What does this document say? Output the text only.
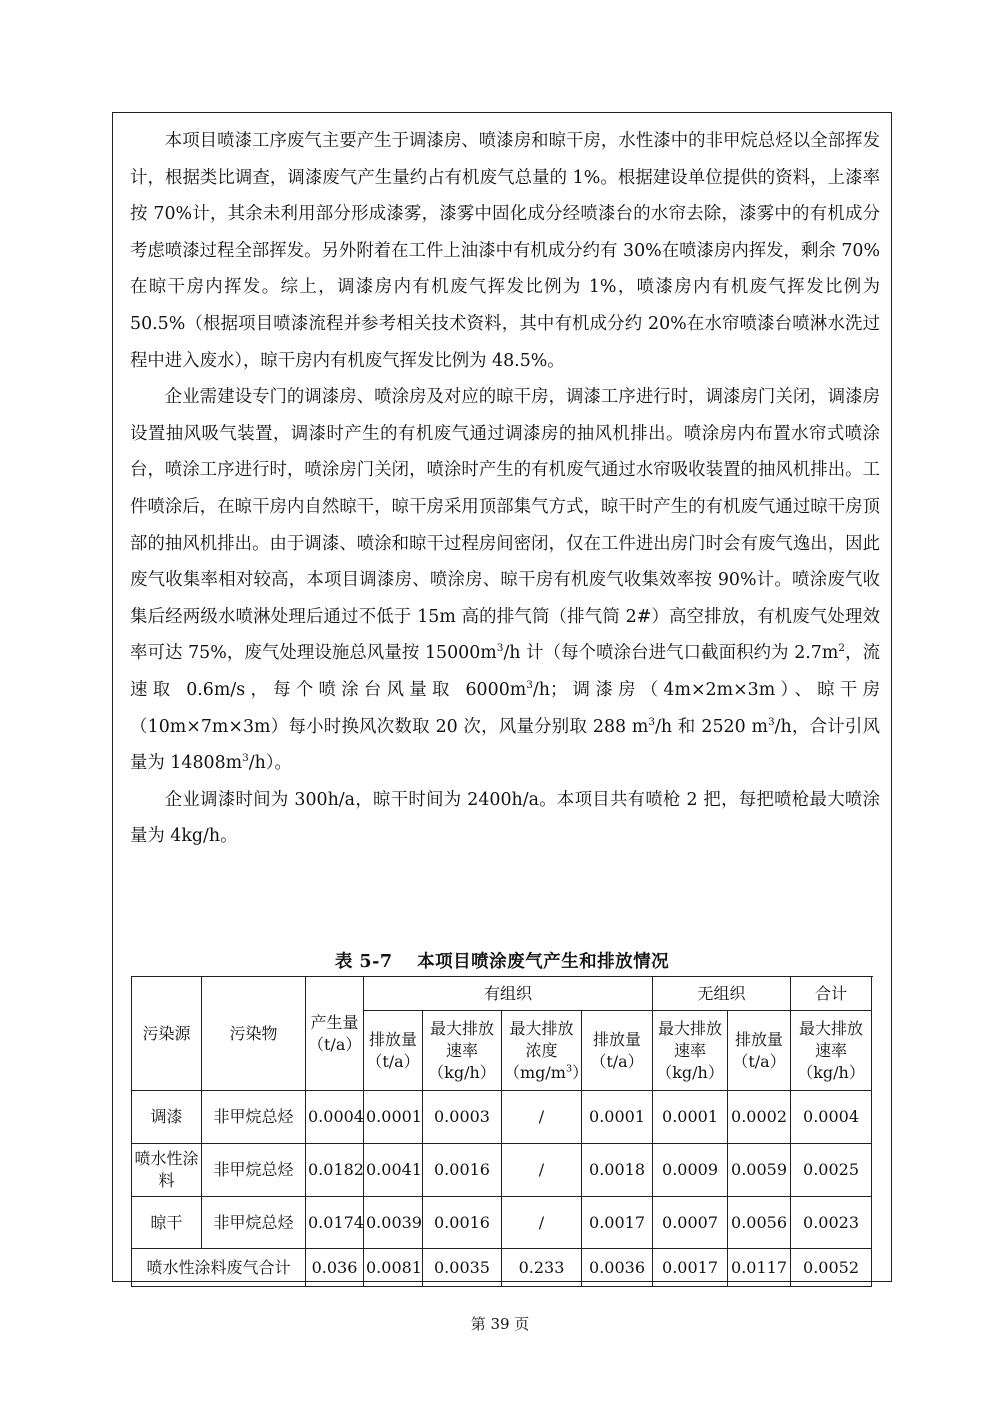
本项目喷漆工序废气主要产生于调漆房、喷漆房和晾干房，水性漆中的非甲烷总烃以全部挥发计，根据类比调查，调漆废气产生量约占有机废气总量的 1%。根据建设单位提供的资料，上漆率按 70%计，其余未利用部分形成漆雾，漆雾中固化成分经喷漆台的水帘去除，漆雾中的有机成分考虑喷漆过程全部挥发。另外附着在工件上油漆中有机成分约有 30%在喷漆房内挥发，剩余 70%在晾干房内挥发。综上，调漆房内有机废气挥发比例为 1%，喷漆房内有机废气挥发比例为 50.5%（根据项目喷漆流程并参考相关技术资料，其中有机成分约 20%在水帘喷漆台喷淋水洗过程中进入废水），晾干房内有机废气挥发比例为 48.5%。

企业需建设专门的调漆房、喷涂房及对应的晾干房，调漆工序进行时，调漆房门关闭，调漆房设置抽风吸气装置，调漆时产生的有机废气通过调漆房的抽风机排出。喷涂房内布置水帘式喷涂台，喷涂工序进行时，喷涂房门关闭，喷涂时产生的有机废气通过水帘吸收装置的抽风机排出。工件喷涂后，在晾干房内自然晾干，晾干房采用顶部集气方式，晾干时产生的有机废气通过晾干房顶部的抽风机排出。由于调漆、喷涂和晾干过程房间密闭，仅在工件进出房门时会有废气逸出，因此废气收集率相对较高，本项目调漆房、喷涂房、晾干房有机废气收集效率按 90%计。喷涂废气收集后经两级水喷淋处理后通过不低于 15m 高的排气筒（排气筒 2#）高空排放，有机废气处理效率可达 75%，废气处理设施总风量按 $15000m^3/h$ 计（每个喷涂台进气口截面积约为 $2.7m^2$，流速取 0.6m/s，每个喷涂台风量取 $6000m^3/h$；调漆房（4m×2m×3m）、晾干房（10m×7m×3m）每小时换风次数取 20 次，风量分别取 288 $m^3/h$ 和 2520 $m^3/h$，合计引风量为 $14808m^3/h$）。

企业调漆时间为 300h/a，晾干时间为 2400h/a。本项目共有喷枪 2 把，每把喷枪最大喷涂量为 4kg/h。

表 5-7　 本项目喷涂废气产生和排放情况
污染源	污染物	产生量（t/a）	有组织				无组织		合计
			排放量（t/a）	最大排放速率（kg/h）	最大排放浓度$(mg/m^3)$	排放量（t/a）	最大排放速率（kg/h）	排放量（t/a）	最大排放速率（kg/h）
调漆	非甲烷总烃	0.0004	0.0001	0.0003	/	0.0001	0.0001	0.0002	0.0004
喷水性涂料	非甲烷总烃	0.0182	0.0041	0.0016	/	0.0018	0.0009	0.0059	0.0025
晾干	非甲烷总烃	0.0174	0.0039	0.0016	/	0.0017	0.0007	0.0056	0.0023
喷水性涂料废气合计		0.036	0.0081	0.0035	0.233	0.0036	0.0017	0.0117	0.0052
第 39 页
